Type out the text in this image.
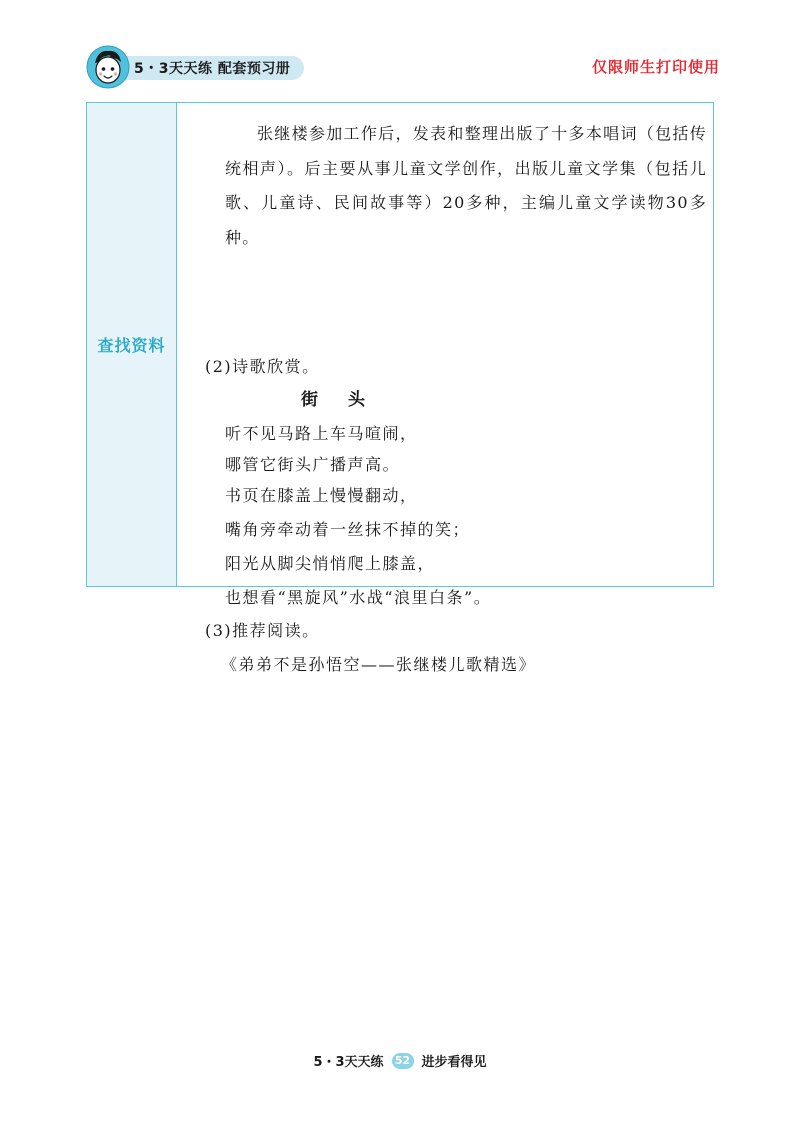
5・3天天练 配套预习册	仅限师生打印使用
查找资料

张继楼参加工作后，发表和整理出版了十多本唱词（包括传统相声）。后主要从事儿童文学创作，出版儿童文学集（包括儿歌、儿童诗、民间故事等）20多种，主编儿童文学读物30多种。

(2)诗歌欣赏。
街头
听不见马路上车马喧闹，
哪管它街头广播声高。
书页在膝盖上慢慢翻动，
嘴角旁牵动着一丝抹不掉的笑；
阳光从脚尖悄悄爬上膝盖，
也想看“黑旋风”水战“浪里白条”。
(3)推荐阅读。
《弟弟不是孙悟空——张继楼儿歌精选》
5・3天天练	52 进步看得见
